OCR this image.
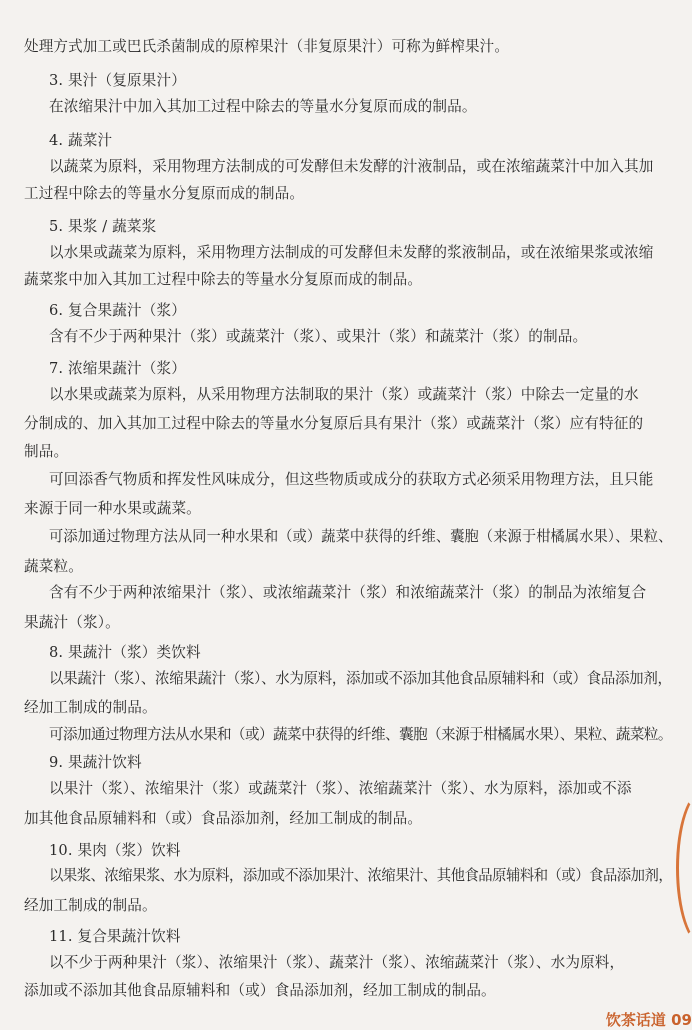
处理方式加工或巴氏杀菌制成的原榨果汁（非复原果汁）可称为鲜榨果汁。
3. 果汁（复原果汁）
在浓缩果汁中加入其加工过程中除去的等量水分复原而成的制品。
4. 蔬菜汁
以蔬菜为原料，采用物理方法制成的可发酵但未发酵的汁液制品，或在浓缩蔬菜汁中加入其加
工过程中除去的等量水分复原而成的制品。
5. 果浆 / 蔬菜浆
以水果或蔬菜为原料，采用物理方法制成的可发酵但未发酵的浆液制品，或在浓缩果浆或浓缩
蔬菜浆中加入其加工过程中除去的等量水分复原而成的制品。
6. 复合果蔬汁（浆）
含有不少于两种果汁（浆）或蔬菜汁（浆）、或果汁（浆）和蔬菜汁（浆）的制品。
7. 浓缩果蔬汁（浆）
以水果或蔬菜为原料，从采用物理方法制取的果汁（浆）或蔬菜汁（浆）中除去一定量的水
分制成的、加入其加工过程中除去的等量水分复原后具有果汁（浆）或蔬菜汁（浆）应有特征的
制品。
可回添香气物质和挥发性风味成分，但这些物质或成分的获取方式必须采用物理方法，且只能
来源于同一种水果或蔬菜。
可添加通过物理方法从同一种水果和（或）蔬菜中获得的纤维、囊胞（来源于柑橘属水果）、果粒、
蔬菜粒。
含有不少于两种浓缩果汁（浆）、或浓缩蔬菜汁（浆）和浓缩蔬菜汁（浆）的制品为浓缩复合
果蔬汁（浆）。
8. 果蔬汁（浆）类饮料
以果蔬汁（浆）、浓缩果蔬汁（浆）、水为原料，添加或不添加其他食品原辅料和（或）食品添加剂，
经加工制成的制品。
可添加通过物理方法从水果和（或）蔬菜中获得的纤维、囊胞（来源于柑橘属水果）、果粒、蔬菜粒。
9. 果蔬汁饮料
以果汁（浆）、浓缩果汁（浆）或蔬菜汁（浆）、浓缩蔬菜汁（浆）、水为原料，添加或不添
加其他食品原辅料和（或）食品添加剂，经加工制成的制品。
10. 果肉（浆）饮料
以果浆、浓缩果浆、水为原料，添加或不添加果汁、浓缩果汁、其他食品原辅料和（或）食品添加剂，
经加工制成的制品。
11. 复合果蔬汁饮料
以不少于两种果汁（浆）、浓缩果汁（浆）、蔬菜汁（浆）、浓缩蔬菜汁（浆）、水为原料，
添加或不添加其他食品原辅料和（或）食品添加剂，经加工制成的制品。
饮茶话道 09
